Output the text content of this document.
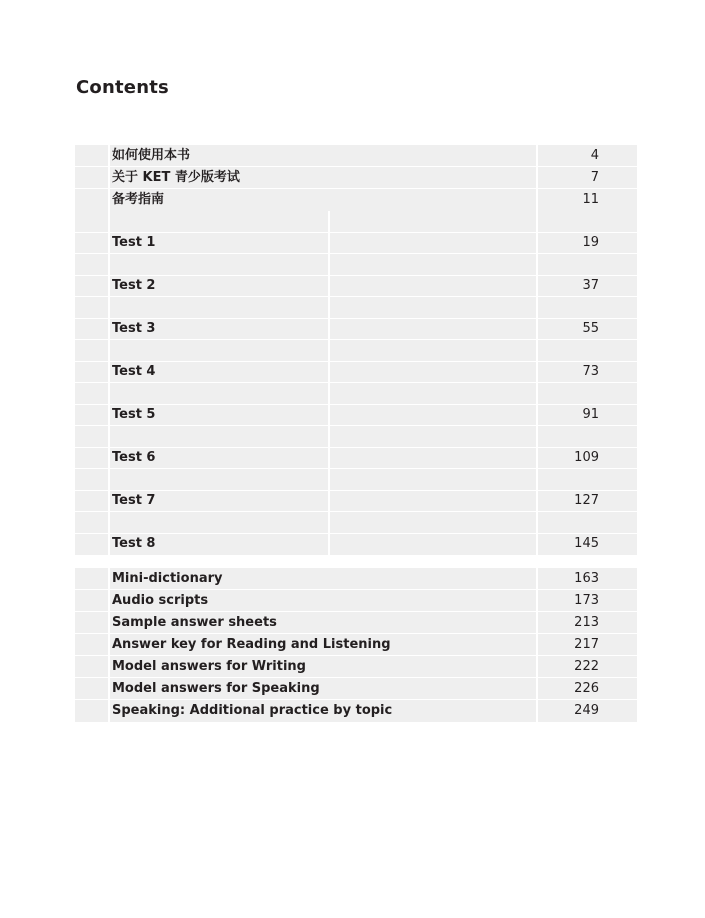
Contents
如何使用本书	4
关于 KET 青少版考试	7
备考指南	11
Test 1	19
Test 2	37
Test 3	55
Test 4	73
Test 5	91
Test 6	109
Test 7	127
Test 8	145
Mini-dictionary	163
Audio scripts	173
Sample answer sheets	213
Answer key for Reading and Listening	217
Model answers for Writing	222
Model answers for Speaking	226
Speaking: Additional practice by topic	249
